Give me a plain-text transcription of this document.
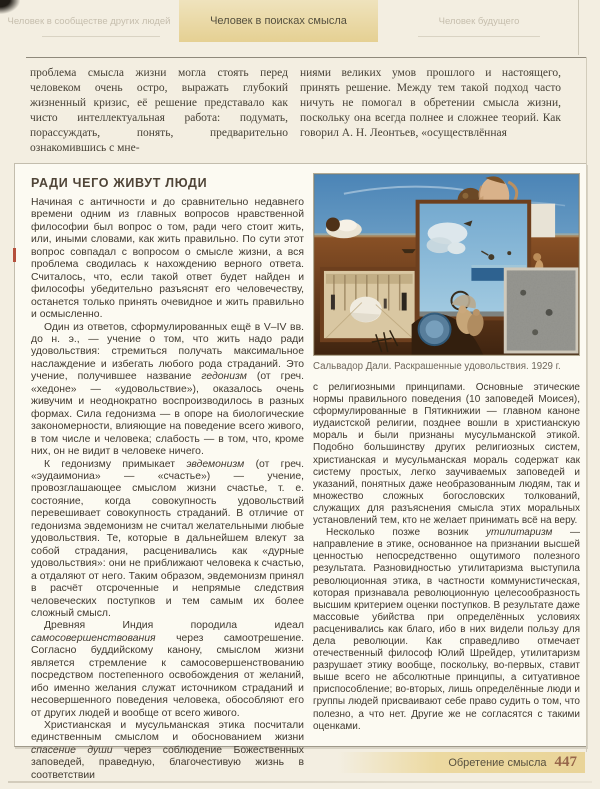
Человек в сообществе других людей	Человек в поисках смысла	Человек будущего
проблема смысла жизни могла стоять перед человеком очень остро, выражать глубокий жизненный кризис, её решение представало как чисто интеллектуальная работа: подумать, порассуждать, понять, предварительно ознакомившись с мне-
ниями великих умов прошлого и настоящего, принять решение. Между тем такой подход часто ничуть не помогал в обретении смысла жизни, поскольку она всегда полнее и сложнее теорий. Как говорил А. Н. Леонтьев, «осуществлённая
РАДИ ЧЕГО ЖИВУТ ЛЮДИ

Начиная с античности и до сравнительно недавнего времени одним из главных вопросов нравственной философии был вопрос о том, ради чего стоит жить, или, иными словами, как жить правильно. По сути этот вопрос совпадал с вопросом о смысле жизни, а вся проблема сводилась к нахождению верного ответа. Считалось, что, если такой ответ будет найден и философы убедительно разъяснят его человечеству, останется только принять очевидное и жить правильно и осмысленно.

Один из ответов, сформулированных ещё в V–IV вв. до н. э., — учение о том, что жить надо ради удовольствия: стремиться получать максимальное наслаждение и избегать любого рода страданий. Это учение, получившее название гедонизм (от греч. «хедоне» — «удовольствие»), оказалось очень живучим и неоднократно воспроизводилось в разных формах. Сила гедонизма — в опоре на биологические закономерности, влияющие на поведение всего живого, в том числе и человека; слабость — в том, что, кроме них, он не видит в человеке ничего.

К гедонизму примыкает эвдемонизм (от греч. «эудаимониа» — «счастье») — учение, провозглашающее смыслом жизни счастье, т. е. состояние, когда совокупность удовольствий перевешивает совокупность страданий. В отличие от гедонизма эвдемонизм не считал желательными любые удовольствия. Те, которые в дальнейшем влекут за собой страдания, расценивались как «дурные удовольствия»: они не приближают человека к счастью, а отдаляют от него. Таким образом, эвдемонизм принял в расчёт отсроченные и непрямые следствия человеческих поступков и тем самым их более сложный смысл.

Древняя Индия породила идеал самосовершенствования через самоотрешение. Согласно буддийскому канону, смыслом жизни является стремление к самосовершенствованию посредством постепенного освобождения от желаний, ибо именно желания служат источником страданий и несовершенного поведения человека, обособляют его от других людей и вообще от всего живого.

Христианская и мусульманская этика посчитали единственным смыслом и обоснованием жизни спасение души через соблюдение Божественных заповедей, праведную, благочестивую жизнь в соответствии

Сальвадор Дали. Раскрашенные удовольствия. 1929 г.

с религиозными принципами. Основные этические нормы правильного поведения (10 заповедей Моисея), сформулированные в Пятикнижии — главном каноне иудаистской религии, позднее вошли в христианскую мораль и были признаны мусульманской этикой. Подобно большинству других религиозных систем, христианская и мусульманская мораль содержат как систему простых, легко заучиваемых заповедей и указаний, понятных даже необразованным людям, так и множество сложных богословских толкований, служащих для разъяснения смысла этих моральных установлений тем, кто не желает принимать всё на веру.

Несколько позже возник утилитаризм — направление в этике, основанное на признании высшей ценностью непосредственно ощутимого полезного результата. Разновидностью утилитаризма выступила революционная этика, в частности коммунистическая, которая признавала революционную целесообразность высшим критерием оценки поступков. В результате даже массовые убийства при определённых условиях расценивались как благо, ибо в них видели пользу для дела революции. Как справедливо отмечает отечественный философ Юлий Шрейдер, утилитаризм разрушает этику вообще, поскольку, во-первых, ставит выше всего не абсолютные принципы, а ситуативное приспособление; во-вторых, лишь определённые люди и группы людей присваивают себе право судить о том, что полезно, а что нет. Другие же не согласятся с такими оценками.

Обретение смысла 447
